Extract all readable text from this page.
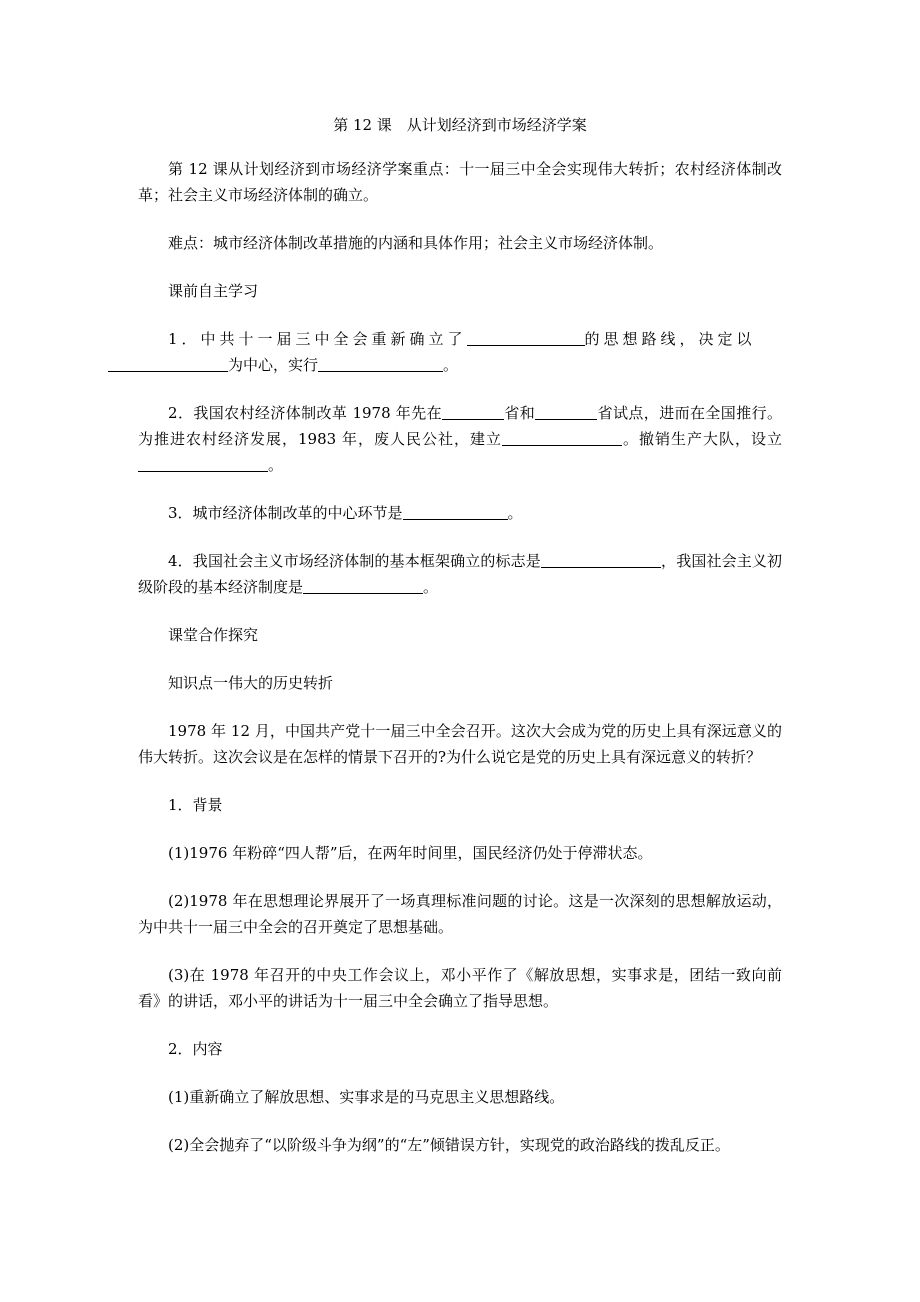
第 12 课　从计划经济到市场经济学案

第 12 课从计划经济到市场经济学案重点：十一届三中全会实现伟大转折；农村经济体制改革；社会主义市场经济体制的确立。

难点：城市经济体制改革措施的内涵和具体作用；社会主义市场经济体制。

课前自主学习

1．中共十一届三中全会重新确立了	的思想路线，决定以
为中心，实行	。

2．我国农村经济体制改革 1978 年先在	省和	省试点，进而在全国推行。为推进农村经济发展，1983 年，废人民公社，建立	。撤销生产大队，设立。

3．城市经济体制改革的中心环节是	。

4．我国社会主义市场经济体制的基本框架确立的标志是	，我国社会主义初级阶段的基本经济制度是	。

课堂合作探究

知识点一伟大的历史转折

1978 年 12 月，中国共产党十一届三中全会召开。这次大会成为党的历史上具有深远意义的伟大转折。这次会议是在怎样的情景下召开的?为什么说它是党的历史上具有深远意义的转折？

1．背景

(1)1976 年粉碎“四人帮”后，在两年时间里，国民经济仍处于停滞状态。

(2)1978 年在思想理论界展开了一场真理标准问题的讨论。这是一次深刻的思想解放运动，为中共十一届三中全会的召开奠定了思想基础。

(3)在 1978 年召开的中央工作会议上，邓小平作了《解放思想，实事求是，团结一致向前看》的讲话，邓小平的讲话为十一届三中全会确立了指导思想。

2．内容

(1)重新确立了解放思想、实事求是的马克思主义思想路线。

(2)全会抛弃了“以阶级斗争为纲”的“左”倾错误方针，实现党的政治路线的拨乱反正。
